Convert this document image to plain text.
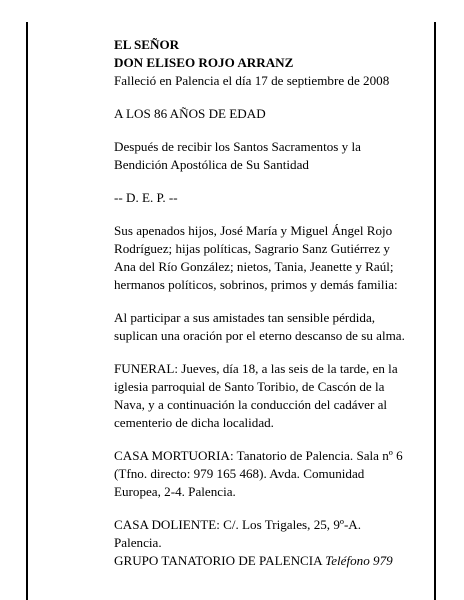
EL SEÑOR
DON ELISEO ROJO ARRANZ
Falleció en Palencia el día 17 de septiembre de 2008
A LOS 86 AÑOS DE EDAD
Después de recibir los Santos Sacramentos y la
Bendición Apostólica de Su Santidad
-- D. E. P. --
Sus apenados hijos, José María y Miguel Ángel Rojo
Rodríguez; hijas políticas, Sagrario Sanz Gutiérrez y
Ana del Río González; nietos, Tania, Jeanette y Raúl;
hermanos políticos, sobrinos, primos y demás familia:
Al participar a sus amistades tan sensible pérdida,
suplican una oración por el eterno descanso de su alma.
FUNERAL: Jueves, día 18, a las seis de la tarde, en la
iglesia parroquial de Santo Toribio, de Cascón de la
Nava, y a continuación la conducción del cadáver al
cementerio de dicha localidad.
CASA MORTUORIA: Tanatorio de Palencia. Sala nº 6
(Tfno. directo: 979 165 468). Avda. Comunidad
Europea, 2-4. Palencia.
CASA DOLIENTE: C/. Los Trigales, 25, 9º-A.
Palencia.
GRUPO TANATORIO DE PALENCIA Teléfono 979
